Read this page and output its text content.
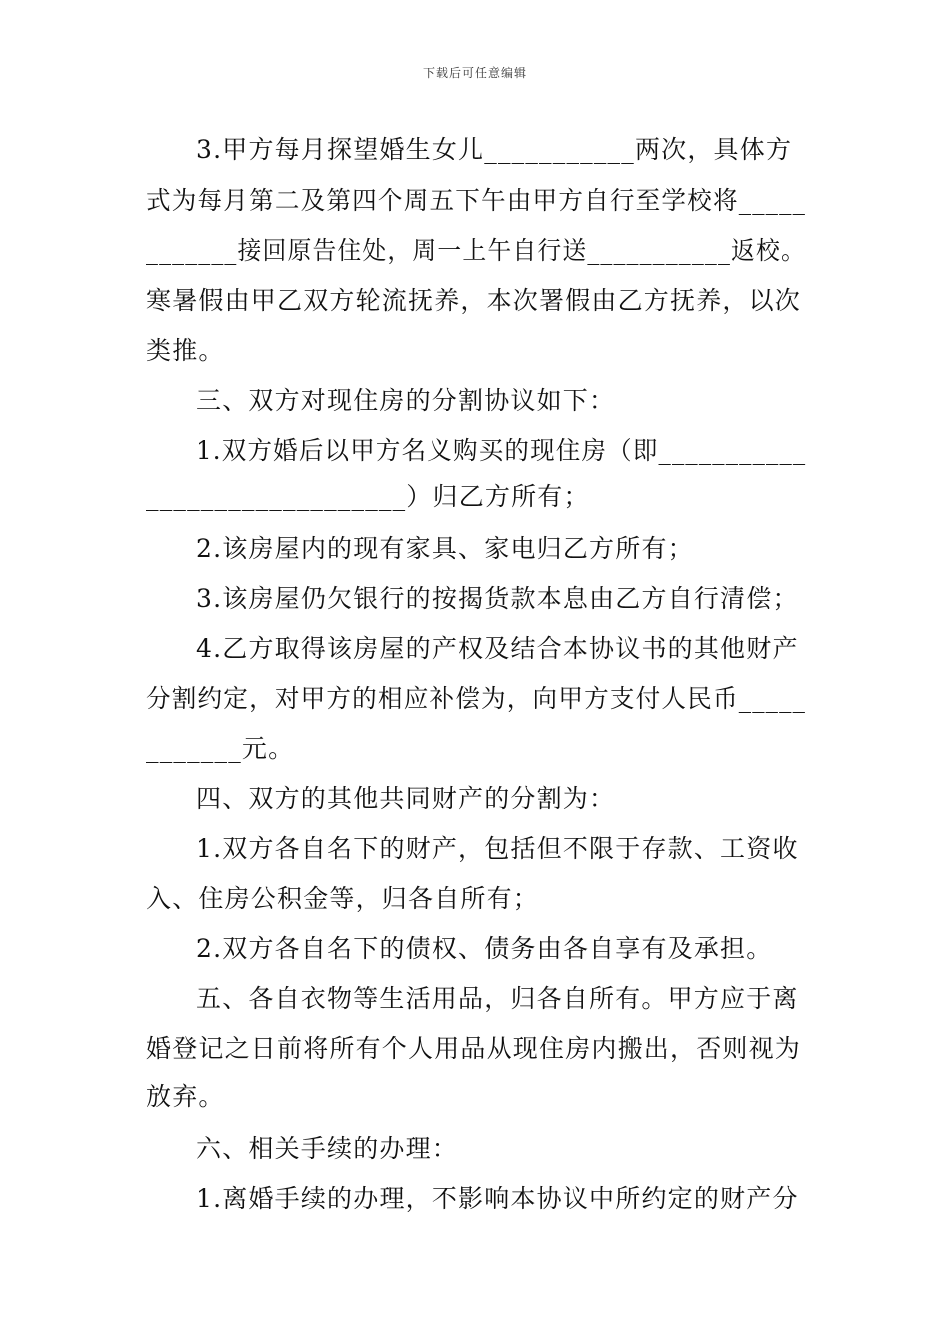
下载后可任意编辑
3.甲方每月探望婚生女儿___________两次，具体方
式为每月第二及第四个周五下午由甲方自行至学校将_____
_______接回原告住处，周一上午自行送___________返校。
寒暑假由甲乙双方轮流抚养，本次署假由乙方抚养，以次
类推。
三、双方对现住房的分割协议如下：
1.双方婚后以甲方名义购买的现住房（即___________
___________________）归乙方所有；
2.该房屋内的现有家具、家电归乙方所有；
3.该房屋仍欠银行的按揭货款本息由乙方自行清偿；
4.乙方取得该房屋的产权及结合本协议书的其他财产
分割约定，对甲方的相应补偿为，向甲方支付人民币_____
_______元。
四、双方的其他共同财产的分割为：
1.双方各自名下的财产，包括但不限于存款、工资收
入、住房公积金等，归各自所有；
2.双方各自名下的债权、债务由各自享有及承担。
五、各自衣物等生活用品，归各自所有。甲方应于离
婚登记之日前将所有个人用品从现住房内搬出，否则视为
放弃。
六、相关手续的办理：
1.离婚手续的办理，不影响本协议中所约定的财产分
